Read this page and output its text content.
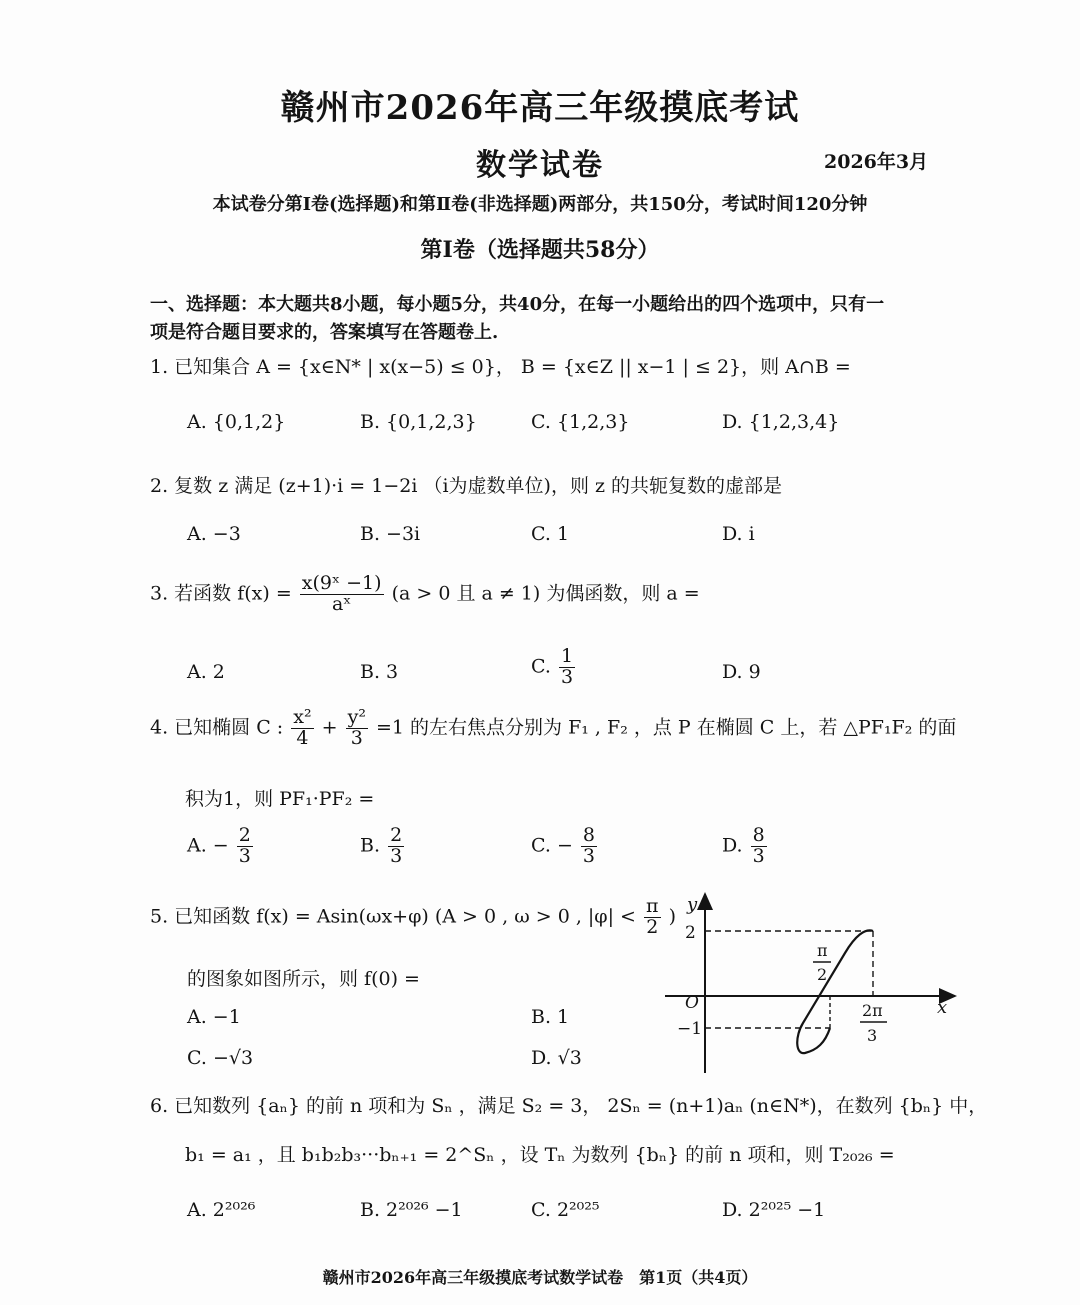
赣州市2026年高三年级摸底考试
数学试卷	2026年3月
本试卷分第Ⅰ卷(选择题)和第Ⅱ卷(非选择题)两部分，共150分，考试时间120分钟
第Ⅰ卷（选择题共58分）
一、选择题：本大题共8小题，每小题5分，共40分，在每一小题给出的四个选项中，只有一
项是符合题目要求的，答案填写在答题卷上.
1. 已知集合 A = {x∈N* | x(x−5) ≤ 0}， B = {x∈Z || x−1 | ≤ 2}，则 A∩B =
A. {0,1,2}	B. {0,1,2,3}	C. {1,2,3}	D. {1,2,3,4}
2. 复数 z 满足 (z+1)·i = 1−2i （i为虚数单位)，则 z 的共轭复数的虚部是
A. −3	B. −3i	C. 1	D. i
3. 若函数 $f(x) = \frac{\text{x(9ˣ −1)}}{\text{aˣ}} (a > 0$ 且 a ≠ 1) 为偶函数，则 a =
A. 2	B. 3	C. $\frac{1}{3}$	D. 9
4. 已知椭圆 C : $\frac{\text{x²}}{4} + \frac{\text{y²}}{3} =1$ 的左右焦点分别为 F₁ , F₂ ，点 P 在椭圆 C 上，若 △PF₁F₂ 的面
积为1，则 PF₁·PF₂ =
A. − $\frac{2}{3}$	B. $\frac{2}{3}$	C. − $\frac{8}{3}$	D. $\frac{8}{3}$
5. 已知函数 f(x) = Asin(ωx+φ) (A > 0 , ω > 0 , $|\varphi| < \frac{\pi}{2}$ )
的图象如图所示，则 f(0) =
A. −1	B. 1
C. −√3	D. √3
y
x
O
2
−1
π
2
2π
3
6. 已知数列 {aₙ} 的前 n 项和为 Sₙ ，满足 S₂ = 3， 2Sₙ = (n+1)aₙ (n∈N*)，在数列 {bₙ} 中，
b₁ = a₁ ，且 b₁b₂b₃···bₙ₊₁ = 2^Sₙ ，设 Tₙ 为数列 {bₙ} 的前 n 项和，则 T₂₀₂₆ =
A. 2²⁰²⁶	B. 2²⁰²⁶ −1	C. 2²⁰²⁵	D. 2²⁰²⁵ −1
赣州市2026年高三年级摸底考试数学试卷　第1页（共4页）
